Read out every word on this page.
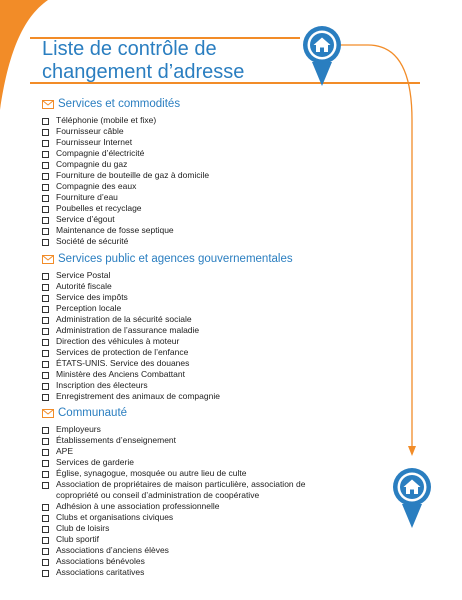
Liste de contrôle de
changement d’adresse
Services et commodités
Téléphonie (mobile et fixe)
Fournisseur câble
Fournisseur Internet
Compagnie d’électricité
Compagnie du gaz
Fourniture de bouteille de gaz à domicile
Compagnie des eaux
Fourniture d’eau
Poubelles et recyclage
Service d’égout
Maintenance de fosse septique
Société de sécurité
Services public et agences gouvernementales
Service Postal
Autorité fiscale
Service des impôts
Perception locale
Administration de la sécurité sociale
Administration de l’assurance maladie
Direction des véhicules à moteur
Services de protection de l’enfance
ÉTATS-UNIS. Service des douanes
Ministère des Anciens Combattant
Inscription des électeurs
Enregistrement des animaux de compagnie
Communauté
Employeurs
Établissements d’enseignement
APE
Services de garderie
Église, synagogue, mosquée ou autre lieu de culte
Association de propriétaires de maison particulière, association de copropriété ou conseil d’administration de coopérative
Adhésion à une association professionnelle
Clubs et organisations civiques
Club de loisirs
Club sportif
Associations d’anciens élèves
Associations bénévoles
Associations caritatives
